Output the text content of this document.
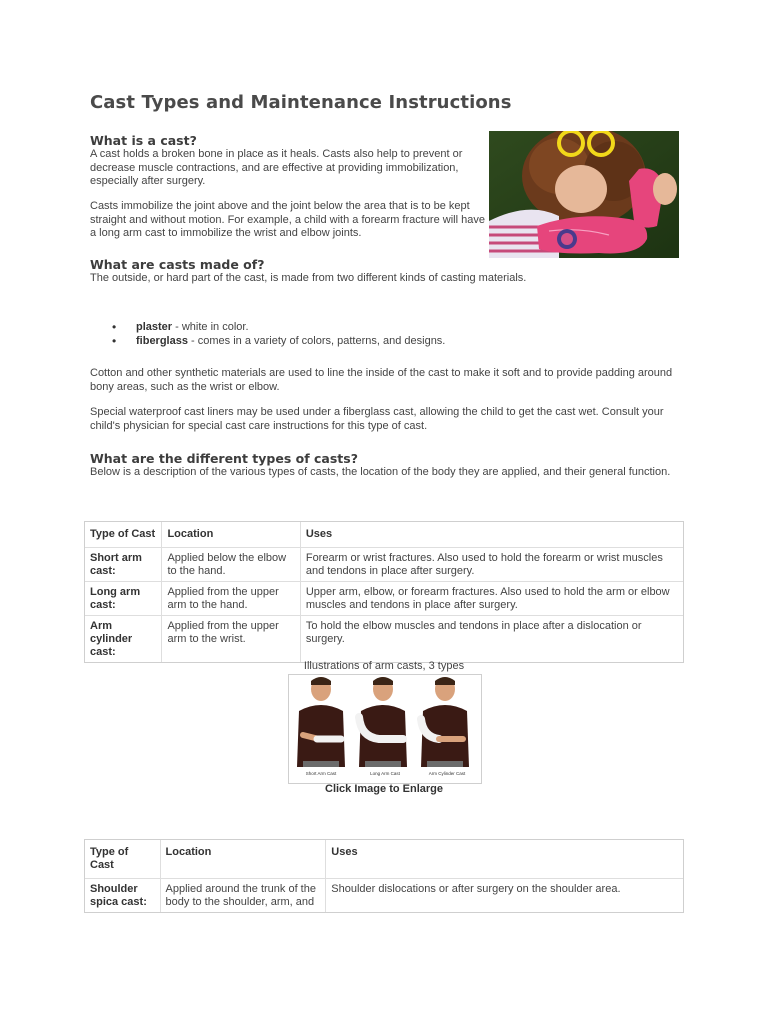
Cast Types and Maintenance Instructions
What is a cast?

A cast holds a broken bone in place as it heals. Casts also help to prevent or decrease muscle contractions, and are effective at providing immobilization, especially after surgery.

Casts immobilize the joint above and the joint below the area that is to be kept straight and without motion. For example, a child with a forearm fracture will have a long arm cast to immobilize the wrist and elbow joints.

What are casts made of?

The outside, or hard part of the cast, is made from two different kinds of casting materials.

• plaster - white in color.
• fiberglass - comes in a variety of colors, patterns, and designs.

Cotton and other synthetic materials are used to line the inside of the cast to make it soft and to provide padding around bony areas, such as the wrist or elbow.

Special waterproof cast liners may be used under a fiberglass cast, allowing the child to get the cast wet. Consult your child's physician for special cast care instructions for this type of cast.

What are the different types of casts?

Below is a description of the various types of casts, the location of the body they are applied, and their general function.

Type of Cast	Location	Uses
Short arm cast:	Applied below the elbow to the hand.	Forearm or wrist fractures. Also used to hold the forearm or wrist muscles and tendons in place after surgery.
Long arm cast:	Applied from the upper arm to the hand.	Upper arm, elbow, or forearm fractures. Also used to hold the arm or elbow muscles and tendons in place after surgery.
Arm cylinder cast:	Applied from the upper arm to the wrist.	To hold the elbow muscles and tendons in place after a dislocation or surgery.
Illustrations of arm casts, 3 types
Short Arm Cast	Long Arm Cast	Arm Cylinder Cast
Click Image to Enlarge
Type of Cast	Location	Uses
Shoulder spica cast:	Applied around the trunk of the body to the shoulder, arm, and	Shoulder dislocations or after surgery on the shoulder area.
